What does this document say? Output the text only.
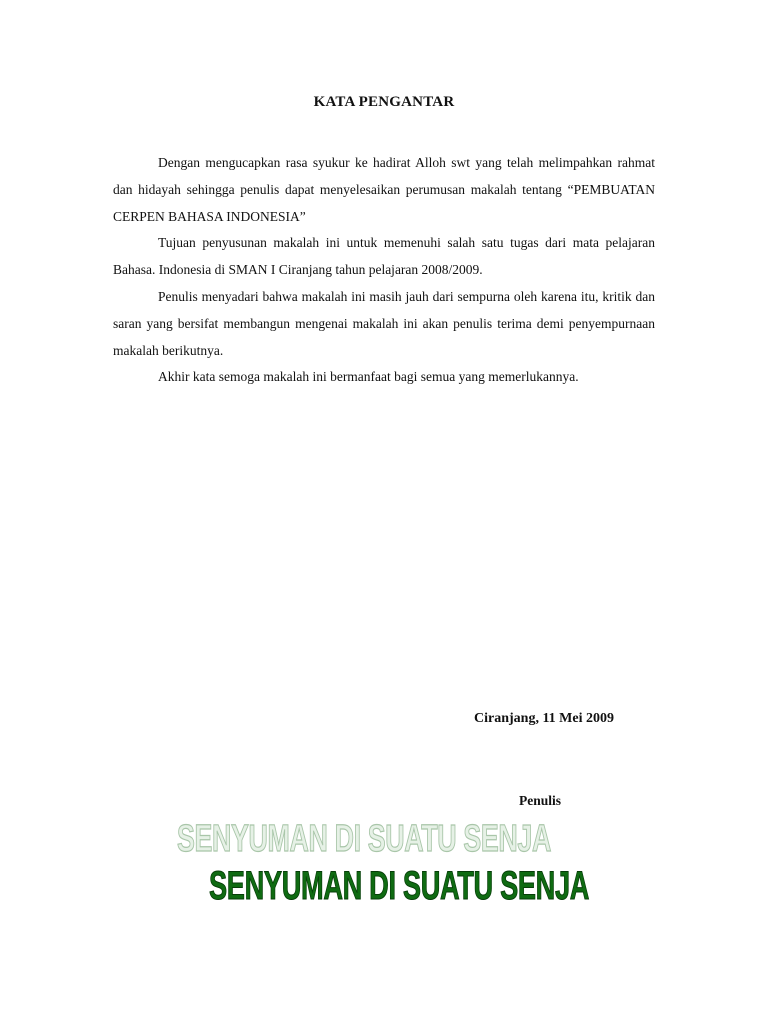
KATA PENGANTAR

Dengan mengucapkan rasa syukur ke hadirat Alloh swt yang telah melimpahkan rahmat dan hidayah sehingga penulis dapat menyelesaikan perumusan makalah tentang “PEMBUATAN CERPEN BAHASA INDONESIA”

Tujuan penyusunan makalah ini untuk memenuhi salah satu tugas dari mata pelajaran Bahasa. Indonesia di SMAN I Ciranjang tahun pelajaran 2008/2009.

Penulis menyadari bahwa makalah ini masih jauh dari sempurna oleh karena itu, kritik dan saran yang bersifat membangun mengenai makalah ini akan penulis terima demi penyempurnaan makalah berikutnya.

Akhir kata semoga makalah ini bermanfaat bagi semua yang memerlukannya.

Ciranjang, 11 Mei 2009

Penulis

SENYUMAN DI SUATU SENJA
SENYUMAN DI SUATU SENJA
